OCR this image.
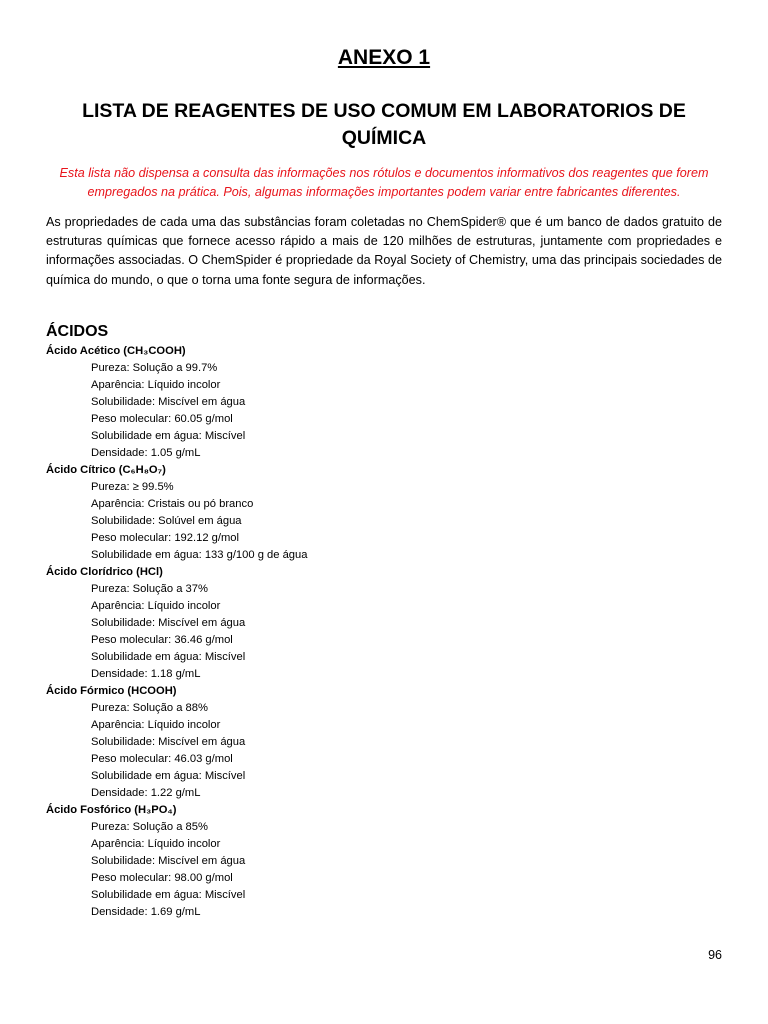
ANEXO 1
LISTA DE REAGENTES DE USO COMUM EM LABORATORIOS DE
QUÍMICA
Esta lista não dispensa a consulta das informações nos rótulos e documentos informativos dos reagentes que forem empregados na prática. Pois, algumas informações importantes podem variar entre fabricantes diferentes.
As propriedades de cada uma das substâncias foram coletadas no ChemSpider® que é um banco de dados gratuito de estruturas químicas que fornece acesso rápido a mais de 120 milhões de estruturas, juntamente com propriedades e informações associadas. O ChemSpider é propriedade da Royal Society of Chemistry, uma das principais sociedades de química do mundo, o que o torna uma fonte segura de informações.
ÁCIDOS
Ácido Acético (CH₃COOH)
Pureza: Solução a 99.7%
Aparência: Líquido incolor
Solubilidade: Miscível em água
Peso molecular: 60.05 g/mol
Solubilidade em água: Miscível
Densidade: 1.05 g/mL
Ácido Cítrico (C₆H₈O₇)
Pureza: ≥ 99.5%
Aparência: Cristais ou pó branco
Solubilidade: Solúvel em água
Peso molecular: 192.12 g/mol
Solubilidade em água: 133 g/100 g de água
Ácido Clorídrico (HCl)
Pureza: Solução a 37%
Aparência: Líquido incolor
Solubilidade: Miscível em água
Peso molecular: 36.46 g/mol
Solubilidade em água: Miscível
Densidade: 1.18 g/mL
Ácido Fórmico (HCOOH)
Pureza: Solução a 88%
Aparência: Líquido incolor
Solubilidade: Miscível em água
Peso molecular: 46.03 g/mol
Solubilidade em água: Miscível
Densidade: 1.22 g/mL
Ácido Fosfórico (H₃PO₄)
Pureza: Solução a 85%
Aparência: Líquido incolor
Solubilidade: Miscível em água
Peso molecular: 98.00 g/mol
Solubilidade em água: Miscível
Densidade: 1.69 g/mL
96
